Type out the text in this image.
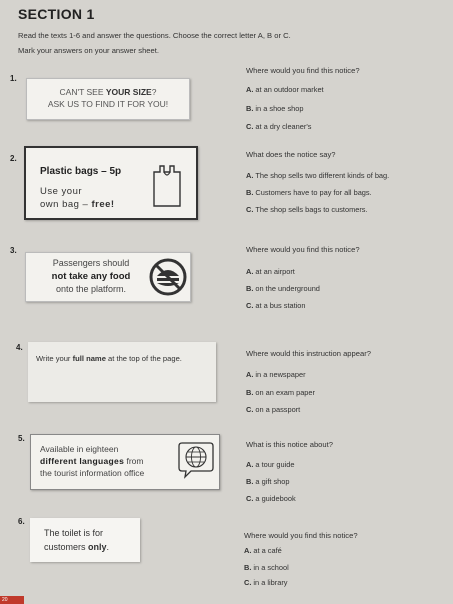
SECTION 1
Read the texts 1-6 and answer the questions. Choose the correct letter A, B or C.
Mark your answers on your answer sheet.
1.
CAN'T SEE YOUR SIZE?
ASK US TO FIND IT FOR YOU!
Where would you find this notice?
A. at an outdoor market
B. in a shoe shop
C. at a dry cleaner's
2.
Plastic bags – 5p
Use your
own bag – free!
What does the notice say?
A. The shop sells two different kinds of bag.
B. Customers have to pay for all bags.
C. The shop sells bags to customers.
3.
Passengers should
not take any food
onto the platform.
Where would you find this notice?
A. at an airport
B. on the underground
C. at a bus station
4.
Write your full name at the top of the page.
Where would this instruction appear?
A. in a newspaper
B. on an exam paper
C. on a passport
5.
Available in eighteen
different languages from
the tourist information office
What is this notice about?
A. a tour guide
B. a gift shop
C. a guidebook
6.
The toilet is for
customers only.
Where would you find this notice?
A. at a café
B. in a school
C. in a library
20
